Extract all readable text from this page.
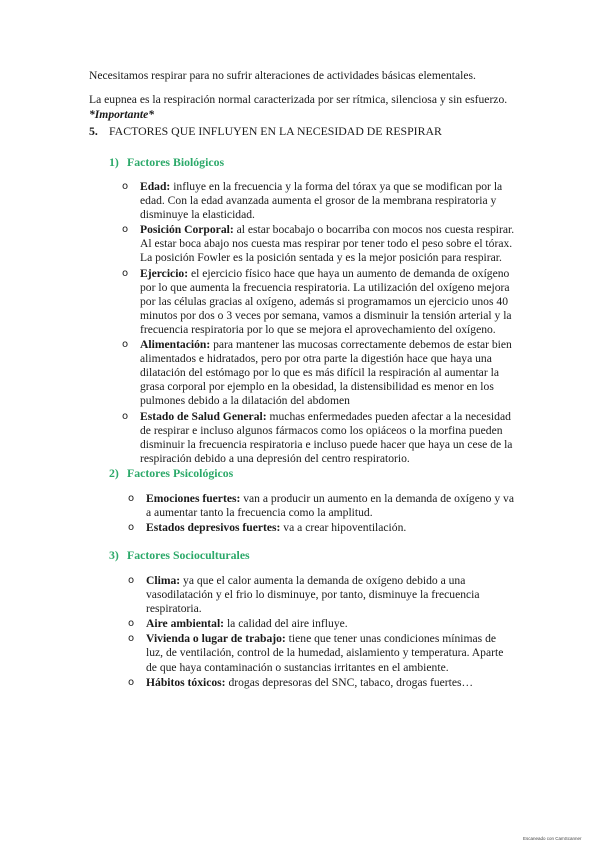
Necesitamos respirar para no sufrir alteraciones de actividades básicas elementales.

La eupnea es la respiración normal caracterizada por ser rítmica, silenciosa y sin esfuerzo.
*Importante*

5. FACTORES QUE INFLUYEN EN LA NECESIDAD DE RESPIRAR

1) Factores Biológicos
o Edad: influye en la frecuencia y la forma del tórax ya que se modifican por la edad. Con la edad avanzada aumenta el grosor de la membrana respiratoria y disminuye la elasticidad.
o Posición Corporal: al estar bocabajo o bocarriba con mocos nos cuesta respirar. Al estar boca abajo nos cuesta mas respirar por tener todo el peso sobre el tórax. La posición Fowler es la posición sentada y es la mejor posición para respirar.
o Ejercicio: el ejercicio físico hace que haya un aumento de demanda de oxígeno por lo que aumenta la frecuencia respiratoria. La utilización del oxígeno mejora por las células gracias al oxígeno, además si programamos un ejercicio unos 40 minutos por dos o 3 veces por semana, vamos a disminuir la tensión arterial y la frecuencia respiratoria por lo que se mejora el aprovechamiento del oxígeno.
o Alimentación: para mantener las mucosas correctamente debemos de estar bien alimentados e hidratados, pero por otra parte la digestión hace que haya una dilatación del estómago por lo que es más difícil la respiración al aumentar la grasa corporal por ejemplo en la obesidad, la distensibilidad es menor en los pulmones debido a la dilatación del abdomen
o Estado de Salud General: muchas enfermedades pueden afectar a la necesidad de respirar e incluso algunos fármacos como los opiáceos o la morfina pueden disminuir la frecuencia respiratoria e incluso puede hacer que haya un cese de la respiración debido a una depresión del centro respiratorio.
2) Factores Psicológicos
o Emociones fuertes: van a producir un aumento en la demanda de oxígeno y va a aumentar tanto la frecuencia como la amplitud.
o Estados depresivos fuertes: va a crear hipoventilación.
3) Factores Socioculturales
o Clima: ya que el calor aumenta la demanda de oxígeno debido a una vasodilatación y el frio lo disminuye, por tanto, disminuye la frecuencia respiratoria.
o Aire ambiental: la calidad del aire influye.
o Vivienda o lugar de trabajo: tiene que tener unas condiciones mínimas de luz, de ventilación, control de la humedad, aislamiento y temperatura. Aparte de que haya contaminación o sustancias irritantes en el ambiente.
o Hábitos tóxicos: drogas depresoras del SNC, tabaco, drogas fuertes…
Escaneado con CamScanner
